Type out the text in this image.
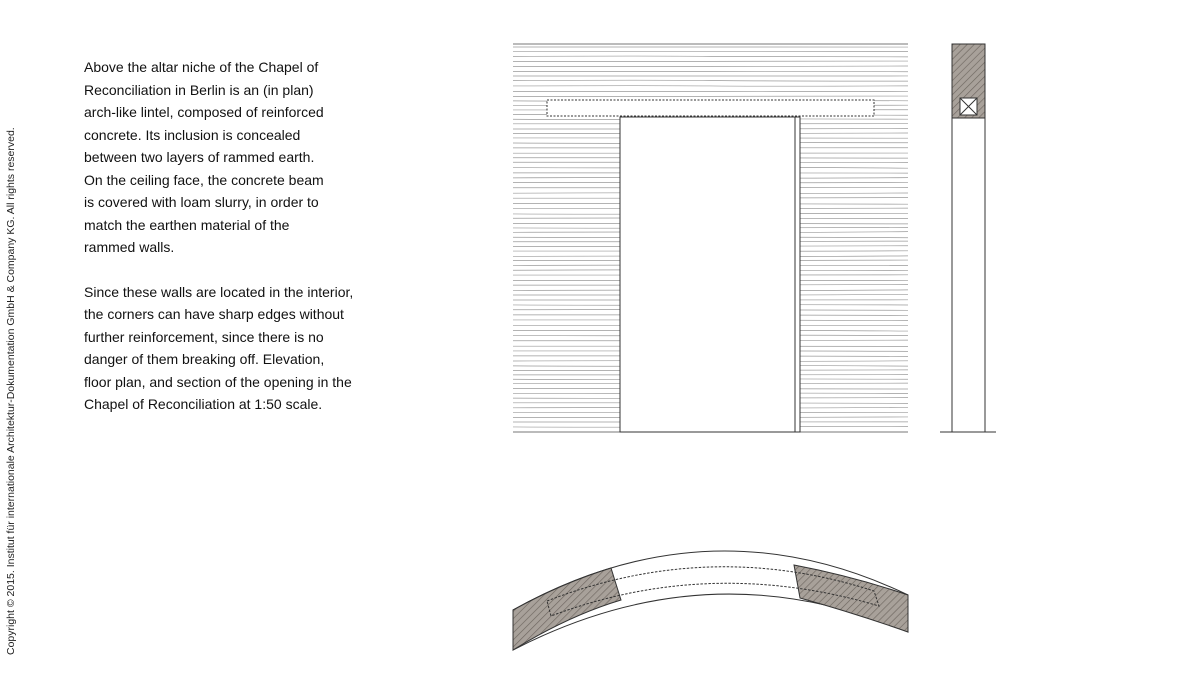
Copyright © 2015. Institut für internationale Architektur-Dokumentation GmbH & Company KG. All rights reserved.

Above the altar niche of the Chapel of
Reconciliation in Berlin is an (in plan)
arch-like lintel, composed of reinforced
concrete. Its inclusion is concealed
between two layers of rammed earth.
On the ceiling face, the concrete beam
is covered with loam slurry, in order to
match the earthen material of the
rammed walls.

Since these walls are located in the interior,
the corners can have sharp edges without
further reinforcement, since there is no
danger of them breaking off. Elevation,
floor plan, and section of the opening in the
Chapel of Reconciliation at 1:50 scale.
